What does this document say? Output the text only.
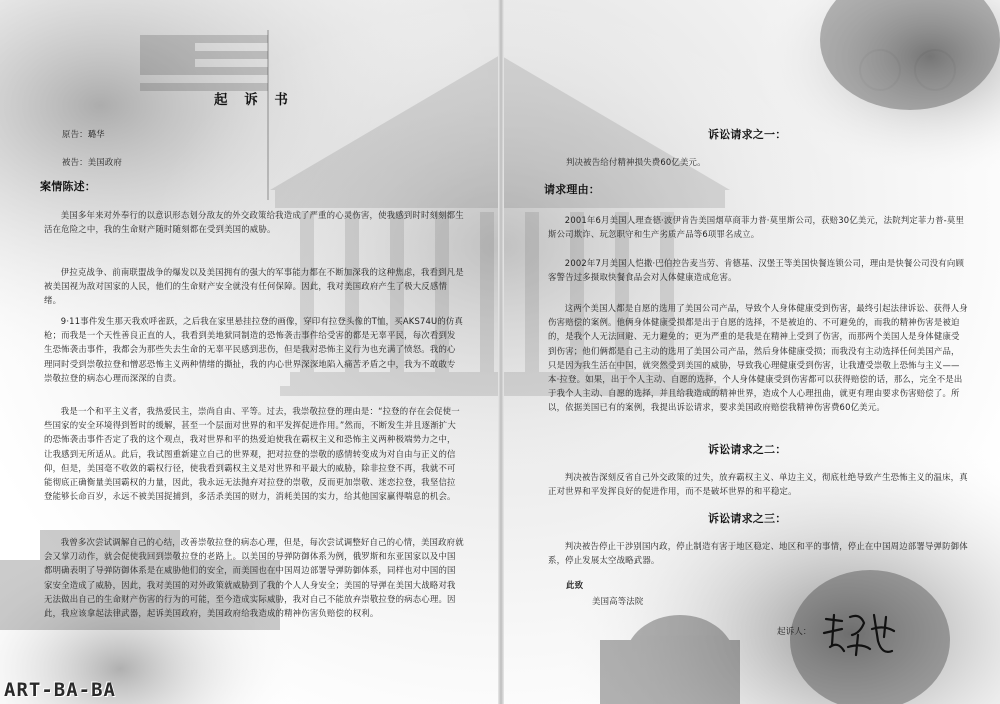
起 诉 书
原告：璐华
被告：美国政府
案情陈述：
美国多年来对外奉行的以意识形态划分敌友的外交政策给我造成了严重的心灵伤害，使我感到时时刻刻都生活在危险之中，我的生命财产随时随刻都在受到美国的威胁。
伊拉克战争、前南联盟战争的爆发以及美国拥有的强大的军事能力都在不断加深我的这种焦虑，我看到凡是被美国视为敌对国家的人民，他们的生命财产安全就没有任何保障。因此，我对美国政府产生了极大反感情绪。
9·11事件发生那天我欢呼雀跃，之后我在家里悬挂拉登的画像，穿印有拉登头像的T恤，买AKS74U的仿真枪；而我是一个天性善良正直的人，我看到美地狱同制造的恐怖袭击事件给受害的都是无辜平民，每次看到发生恐怖袭击事件，我都会为那些失去生命的无辜平民感到悲伤，但是我对恐怖主义行为也充满了愤怒。我的心理同时受到崇敬拉登和憎恶恐怖主义两种情绪的撕扯，我的内心世界深深地陷入痛苦矛盾之中，我为不敢敢专崇敬拉登的病态心理而深深的自责。
我是一个和平主义者，我热爱民主，崇尚自由、平等。过去，我崇敬拉登的理由是：“拉登的存在会促使一些国家的安全环境得到暂时的缓解，甚至一个层面对世界的和平发挥促进作用。”然而，不断发生并且逐渐扩大的恐怖袭击事件否定了我的这个观点，我对世界和平的热爱迫使我在霸权主义和恐怖主义两种极端势力之中，让我感到无所适从。此后，我试图重新建立自己的世界观，把对拉登的崇敬的感情转变成为对自由与正义的信仰，但是，美国毫不收敛的霸权行径，使我看到霸权主义是对世界和平最大的威胁，除非拉登不再，我就不可能彻底正确衡量美国霸权的力量，因此，我永远无法抛弃对拉登的崇敬，反而更加崇敬、迷恋拉登，我坚信拉登能够长命百岁，永远不被美国捉捕到，多活杀美国的财力，消耗美国的实力，给其他国家赢得喘息的机会。
我曾多次尝试调解自己的心结，改善崇敬拉登的病态心理，但是，每次尝试调整好自己的心情，美国政府就会又掌刀动作，就会促使我回到崇敬拉登的老路上。以美国的导弹防御体系为例，俄罗斯和东亚国家以及中国都明确表明了导弹防御体系是在威胁他们的安全，而美国也在中国周边部署导弹防御体系，同样也对中国的国家安全造成了威胁，因此，我对美国的对外政策就威胁到了我的个人人身安全；美国的导弹在美国大战略对我无法做出自己的生命财产伤害的行为的可能，至今造成实际威胁，我对自己不能放弃崇敬拉登的病态心理。因此，我应该拿起法律武器，起诉美国政府，美国政府给我造成的精神伤害负赔偿的权利。
ART-BA-BA
诉讼请求之一：
判决被告给付精神损失费60亿美元。
请求理由：
2001年6月美国人理查德·波伊肯告美国烟草商菲力普·莫里斯公司，获赔30亿美元，法院判定菲力普-莫里斯公司欺诈、玩忽职守和生产劣质产品等6项罪名成立。
2002年7月美国人恺撒·巴伯控告麦当劳、肯德基、汉堡王等美国快餐连锁公司，理由是快餐公司没有向顾客警告过多摄取快餐食品会对人体健康造成危害。
这两个美国人都是自愿的选用了美国公司产品，导致个人身体健康受到伤害，最终引起法律诉讼、获得人身伤害赔偿的案例。他俩身体健康受损都是出于自愿的选择，不是被迫的、不可避免的，而我的精神伤害是被迫的，是我个人无法回避、无力避免的；更为严重的是我是在精神上受到了伤害，而那两个美国人是身体健康受到伤害；他们俩都是自己主动的选用了美国公司产品，然后身体健康受损；而我没有主动选择任何美国产品，只是因为我生活在中国，就突然受到美国的威胁，导致我心理健康受到伤害，让我遭受崇敬上恐怖与主义——本·拉登。如果，出于个人主动、自愿的选择，个人身体健康受到伤害都可以获得赔偿的话，那么，完全不是出于我个人主动、自愿的选择，并且给我造成的精神世界，造成个人心理扭曲，就更有理由要求伤害赔偿了。所以，依据美国已有的案例，我提出诉讼请求，要求美国政府赔偿我精神伤害费60亿美元。
诉讼请求之二：
判决被告深刻反省自己外交政策的过失，放弃霸权主义、单边主义，彻底杜绝导致产生恐怖主义的温床，真正对世界和平发挥良好的促进作用，而不是破坏世界的和平稳定。
诉讼请求之三：
判决被告停止干涉别国内政，停止制造有害于地区稳定、地区和平的事情，停止在中国周边部署导弹防御体系，停止发展太空战略武器。
此致
美国高等法院
起诉人：
